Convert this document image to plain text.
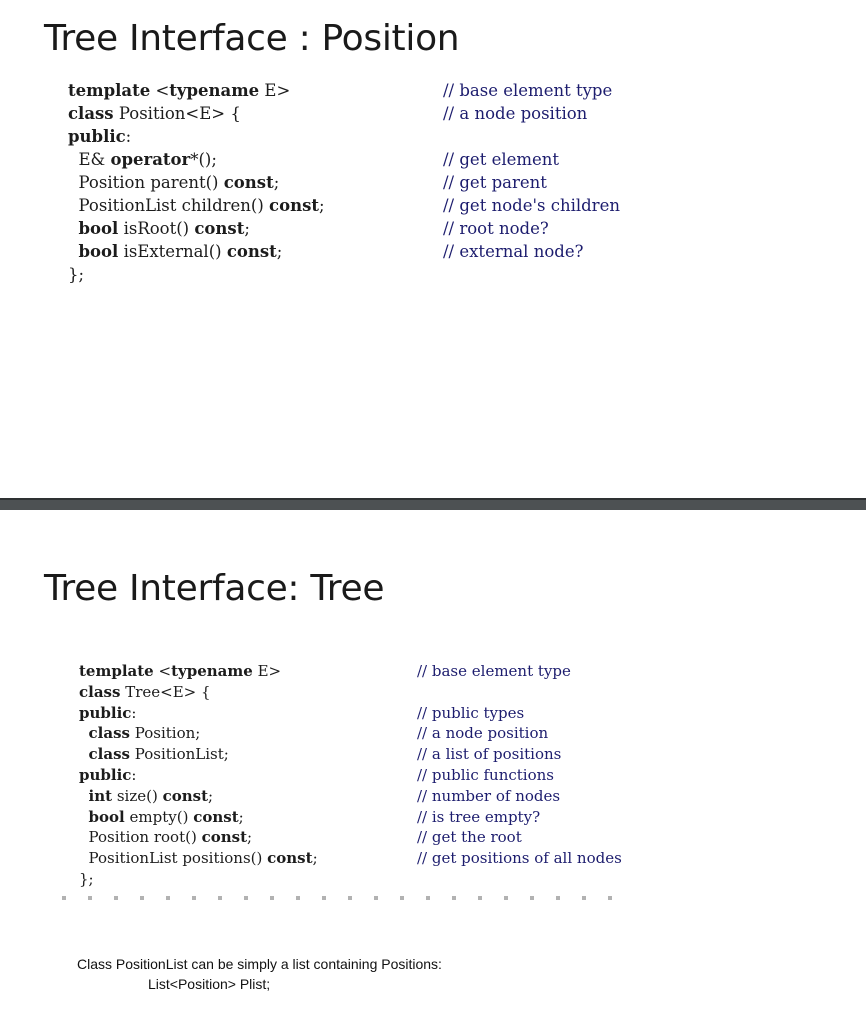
Tree Interface : Position
template <typename E>
class Position<E> {
public:
E& operator*();
Position parent() const;
PositionList children() const;
bool isRoot() const;
bool isExternal() const;
};
// base element type
// a node position
// get element
// get parent
// get node's children
// root node?
// external node?
Tree Interface: Tree
template <typename E>
class Tree<E> {
public:
class Position;
class PositionList;
public:
int size() const;
bool empty() const;
Position root() const;
PositionList positions() const;
};
// base element type
// public types
// a node position
// a list of positions
// public functions
// number of nodes
// is tree empty?
// get the root
// get positions of all nodes
Class PositionList can be simply a list containing Positions:
List<Position> Plist;
